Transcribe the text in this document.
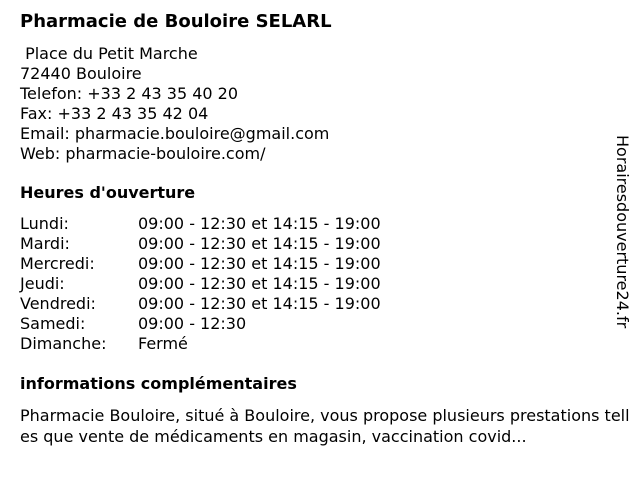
Pharmacie de Bouloire SELARL
Place du Petit Marche
72440 Bouloire
Telefon: +33 2 43 35 40 20
Fax: +33 2 43 35 42 04
Email: pharmacie.bouloire@gmail.com
Web: pharmacie-bouloire.com/
Heures d'ouverture
Lundi:	09:00 - 12:30 et 14:15 - 19:00
Mardi:	09:00 - 12:30 et 14:15 - 19:00
Mercredi:	09:00 - 12:30 et 14:15 - 19:00
Jeudi:	09:00 - 12:30 et 14:15 - 19:00
Vendredi:	09:00 - 12:30 et 14:15 - 19:00
Samedi:	09:00 - 12:30
Dimanche:	Fermé
informations complémentaires
Pharmacie Bouloire, situé à Bouloire, vous propose plusieurs prestations telles que vente de médicaments en magasin, vaccination covid...
Horairesdouverture24.fr
